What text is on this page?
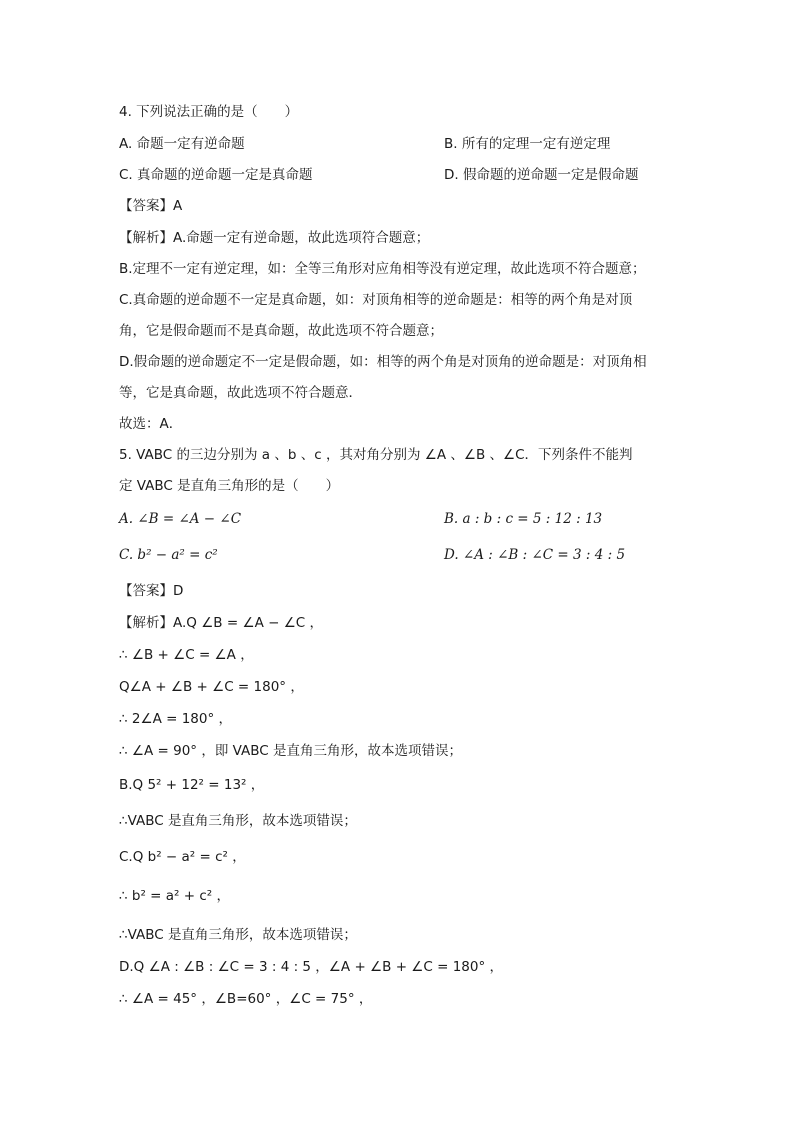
4. 下列说法正确的是（　　）
A. 命题一定有逆命题	B. 所有的定理一定有逆定理
C. 真命题的逆命题一定是真命题	D. 假命题的逆命题一定是假命题
【答案】A
【解析】A.命题一定有逆命题，故此选项符合题意；
B.定理不一定有逆定理，如：全等三角形对应角相等没有逆定理，故此选项不符合题意；
C.真命题的逆命题不一定是真命题，如：对顶角相等的逆命题是：相等的两个角是对顶
角，它是假命题而不是真命题，故此选项不符合题意；
D.假命题的逆命题定不一定是假命题，如：相等的两个角是对顶角的逆命题是：对顶角相
等，它是真命题，故此选项不符合题意．
故选：A．
5. VABC 的三边分别为 a 、b 、c ，其对角分别为 ∠A 、∠B 、∠C．下列条件不能判
定 VABC 是直角三角形的是（　　）
A. ∠B = ∠A − ∠C	B. a : b : c = 5 : 12 : 13
C. b² − a² = c²	D. ∠A : ∠B : ∠C = 3 : 4 : 5
【答案】D
【解析】A.Q ∠B = ∠A − ∠C ，
∴ ∠B + ∠C = ∠A ，
Q∠A + ∠B + ∠C = 180° ，
∴ 2∠A = 180° ，
∴ ∠A = 90° ，即 VABC 是直角三角形，故本选项错误；
B.Q 5² + 12² = 13² ，
∴VABC 是直角三角形，故本选项错误；
C.Q b² − a² = c² ，
∴ b² = a² + c² ，
∴VABC 是直角三角形，故本选项错误；
D.Q ∠A : ∠B : ∠C = 3 : 4 : 5 ，∠A + ∠B + ∠C = 180° ，
∴ ∠A = 45° ，∠B=60° ，∠C = 75° ，
